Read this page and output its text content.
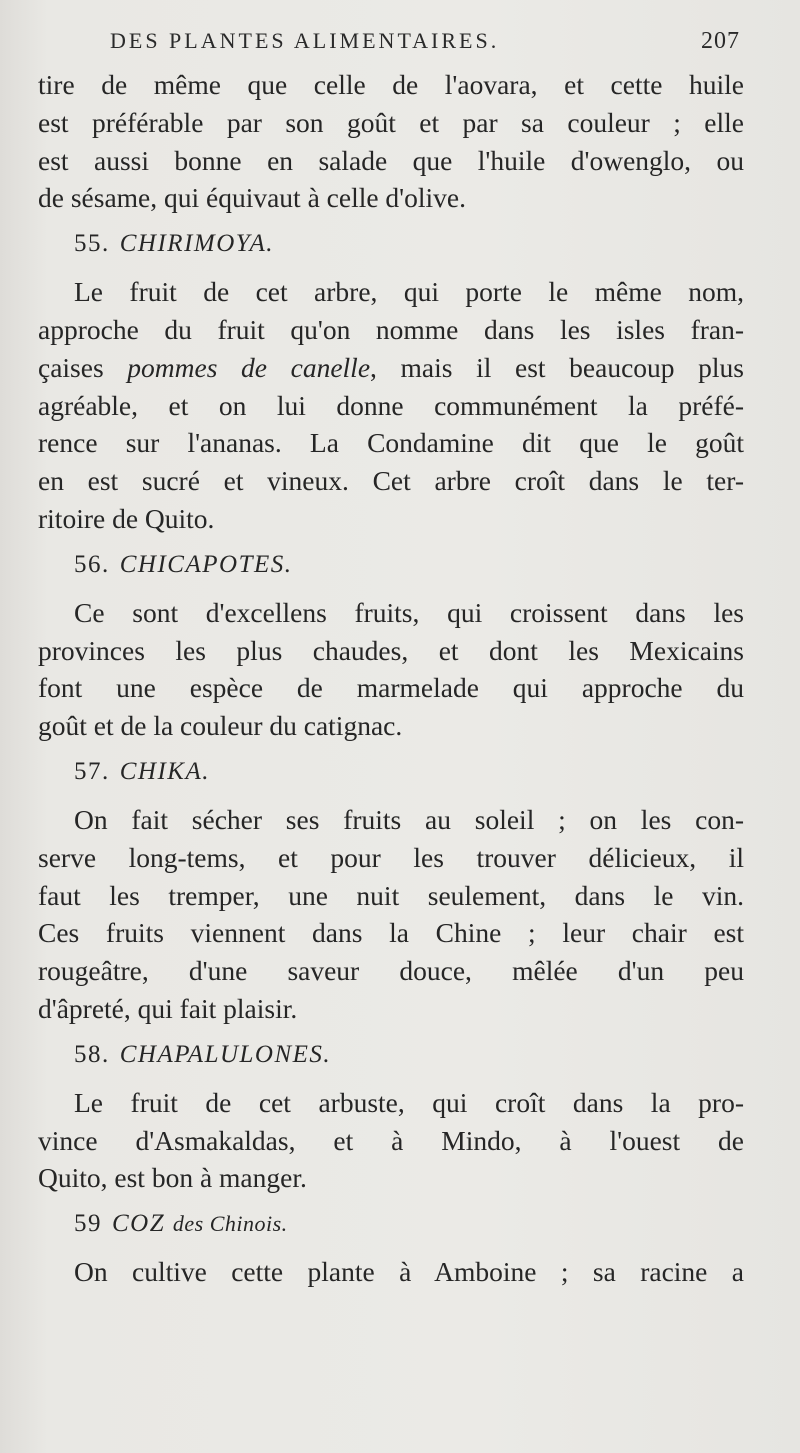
DES PLANTES ALIMENTAIRES.	207
tire de même que celle de l'aovara, et cette huile
est préférable par son goût et par sa couleur ; elle
est aussi bonne en salade que l'huile d'owenglo, ou
de sésame, qui équivaut à celle d'olive.
55. CHIRIMOYA.
Le fruit de cet arbre, qui porte le même nom,
approche du fruit qu'on nomme dans les isles fran-
çaises pommes de canelle, mais il est beaucoup plus
agréable, et on lui donne communément la préfé-
rence sur l'ananas. La Condamine dit que le goût
en est sucré et vineux. Cet arbre croît dans le ter-
ritoire de Quito.
56. CHICAPOTES.
Ce sont d'excellens fruits, qui croissent dans les
provinces les plus chaudes, et dont les Mexicains
font une espèce de marmelade qui approche du
goût et de la couleur du catignac.
57. CHIKA.
On fait sécher ses fruits au soleil ; on les con-
serve long-tems, et pour les trouver délicieux, il
faut les tremper, une nuit seulement, dans le vin.
Ces fruits viennent dans la Chine ; leur chair est
rougeâtre, d'une saveur douce, mêlée d'un peu
d'âpreté, qui fait plaisir.
58. CHAPALULONES.
Le fruit de cet arbuste, qui croît dans la pro-
vince d'Asmakaldas, et à Mindo, à l'ouest de
Quito, est bon à manger.
59 COZ des Chinois.
On cultive cette plante à Amboine ; sa racine a
